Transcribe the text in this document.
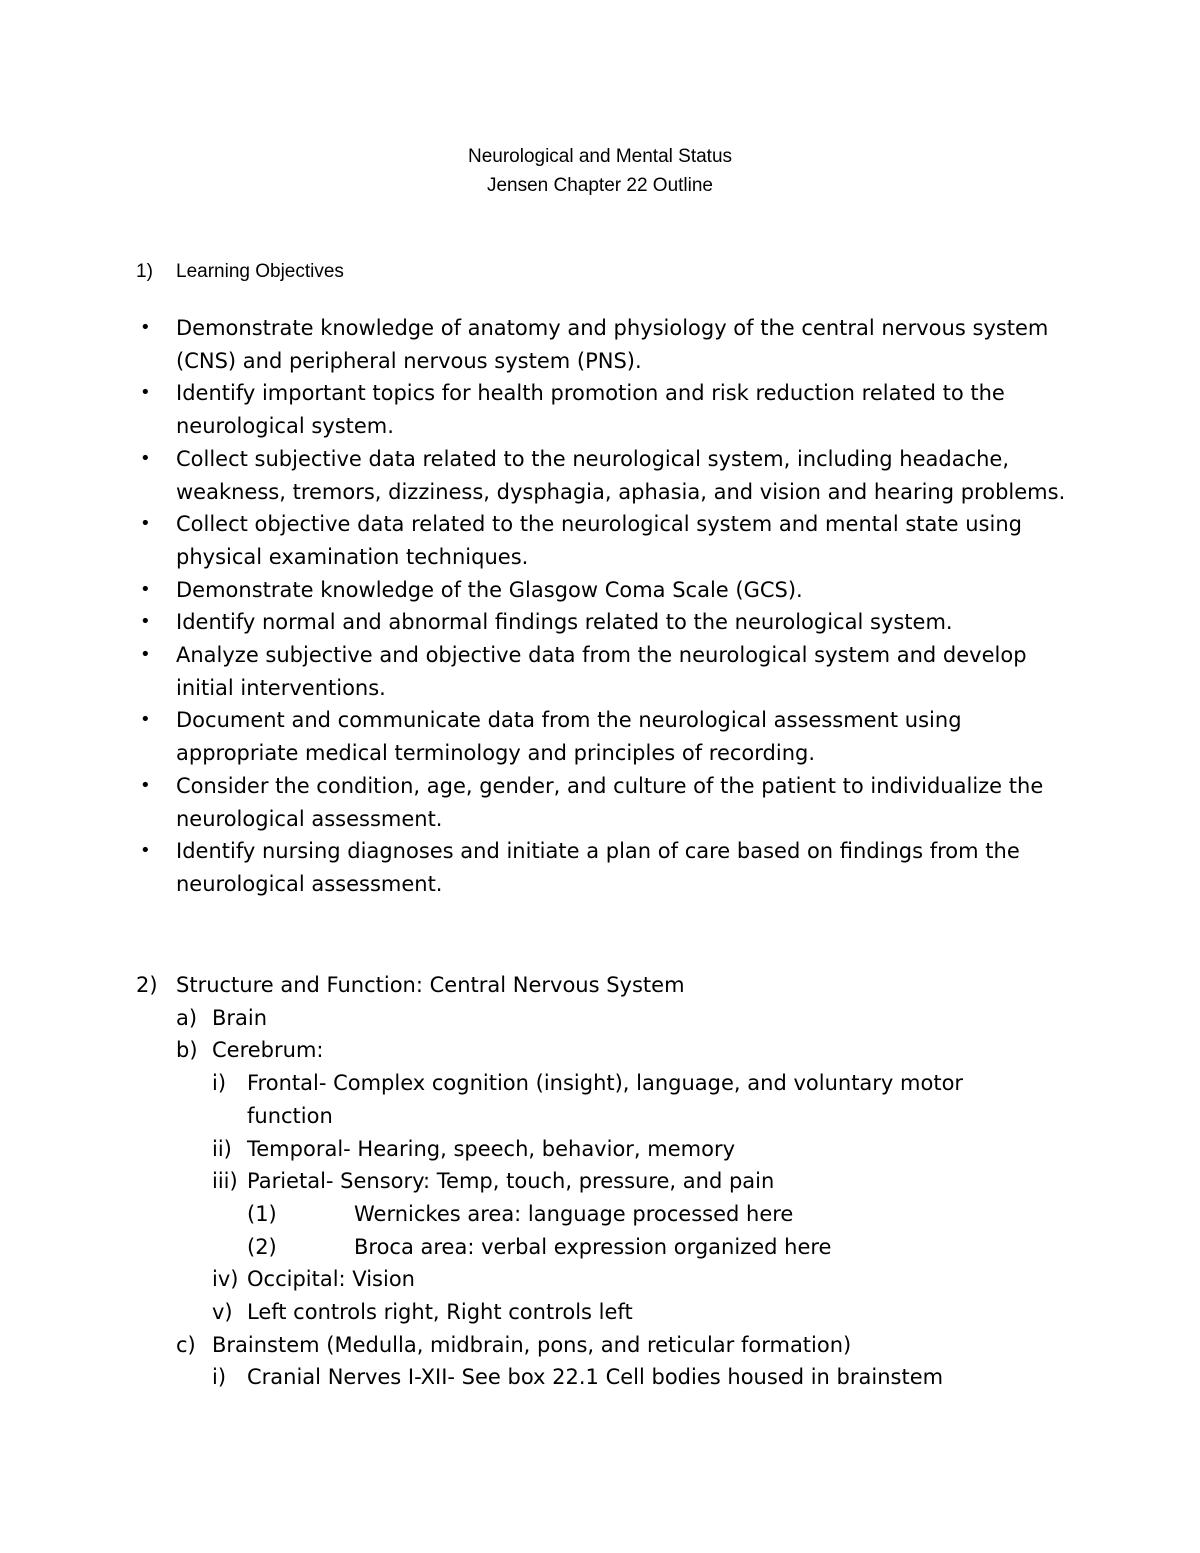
Neurological and Mental Status
Jensen Chapter 22 Outline
1) Learning Objectives
• Demonstrate knowledge of anatomy and physiology of the central nervous system (CNS) and peripheral nervous system (PNS).
• Identify important topics for health promotion and risk reduction related to the neurological system.
• Collect subjective data related to the neurological system, including headache, weakness, tremors, dizziness, dysphagia, aphasia, and vision and hearing problems.
• Collect objective data related to the neurological system and mental state using physical examination techniques.
• Demonstrate knowledge of the Glasgow Coma Scale (GCS).
• Identify normal and abnormal findings related to the neurological system.
• Analyze subjective and objective data from the neurological system and develop initial interventions.
• Document and communicate data from the neurological assessment using appropriate medical terminology and principles of recording.
• Consider the condition, age, gender, and culture of the patient to individualize the neurological assessment.
• Identify nursing diagnoses and initiate a plan of care based on findings from the neurological assessment.
2) Structure and Function: Central Nervous System
a) Brain
b) Cerebrum:
i) Frontal- Complex cognition (insight), language, and voluntary motor function
ii) Temporal- Hearing, speech, behavior, memory
iii) Parietal- Sensory: Temp, touch, pressure, and pain
(1)	Wernickes area: language processed here
(2)	Broca area: verbal expression organized here
iv) Occipital: Vision
v) Left controls right, Right controls left
c) Brainstem (Medulla, midbrain, pons, and reticular formation)
i) Cranial Nerves I-XII- See box 22.1 Cell bodies housed in brainstem
